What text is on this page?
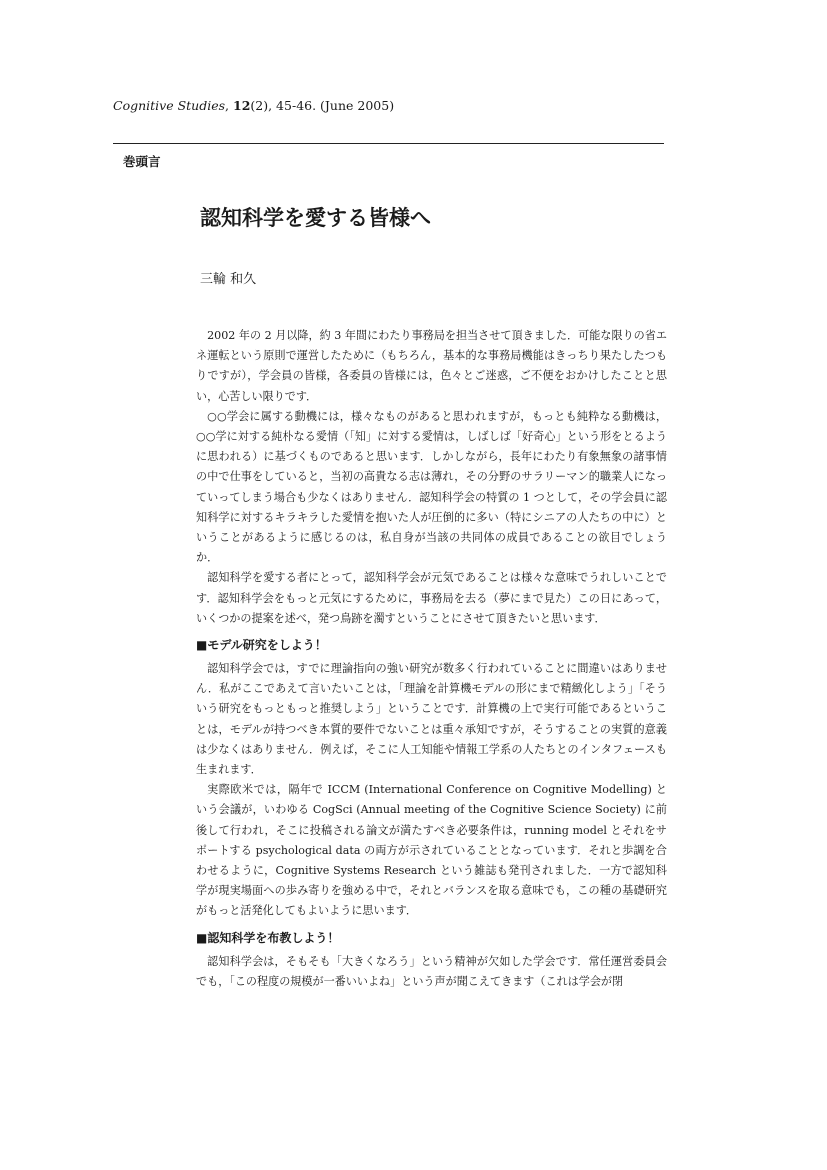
Cognitive Studies, 12(2), 45-46. (June 2005)
巻頭言
認知科学を愛する皆様へ
三輪 和久

2002 年の 2 月以降，約 3 年間にわたり事務局を担当させて頂きました．可能な限りの省エネ運転という原則で運営したために（もちろん，基本的な事務局機能はきっちり果たしたつもりですが），学会員の皆様，各委員の皆様には，色々とご迷惑，ご不便をおかけしたことと思い，心苦しい限りです．

○○学会に属する動機には，様々なものがあると思われますが，もっとも純粋なる動機は，○○学に対する純朴なる愛情（「知」に対する愛情は，しばしば「好奇心」という形をとるように思われる）に基づくものであると思います．しかしながら，長年にわたり有象無象の諸事情の中で仕事をしていると，当初の高貴なる志は薄れ，その分野のサラリーマン的職業人になっていってしまう場合も少なくはありません．認知科学会の特質の 1 つとして，その学会員に認知科学に対するキラキラした愛情を抱いた人が圧倒的に多い（特にシニアの人たちの中に）ということがあるように感じるのは，私自身が当該の共同体の成員であることの欲目でしょうか．

認知科学を愛する者にとって，認知科学会が元気であることは様々な意味でうれしいことです．認知科学会をもっと元気にするために，事務局を去る（夢にまで見た）この日にあって，いくつかの提案を述べ，発つ鳥跡を濁すということにさせて頂きたいと思います．

■モデル研究をしよう！

認知科学会では，すでに理論指向の強い研究が数多く行われていることに間違いはありません．私がここであえて言いたいことは，「理論を計算機モデルの形にまで精緻化しよう」「そういう研究をもっともっと推奨しよう」ということです．計算機の上で実行可能であるということは，モデルが持つべき本質的要件でないことは重々承知ですが，そうすることの実質的意義は少なくはありません．例えば，そこに人工知能や情報工学系の人たちとのインタフェースも生まれます．

実際欧米では，隔年で ICCM (International Conference on Cognitive Modelling) という会議が，いわゆる CogSci (Annual meeting of the Cognitive Science Society) に前後して行われ，そこに投稿される論文が満たすべき必要条件は，running model とそれをサポートする psychological data の両方が示されていることとなっています．それと歩調を合わせるように，Cognitive Systems Research という雑誌も発刊されました．一方で認知科学が現実場面への歩み寄りを強める中で，それとバランスを取る意味でも，この種の基礎研究がもっと活発化してもよいように思います．

■認知科学を布教しよう！

認知科学会は，そもそも「大きくなろう」という精神が欠如した学会です．常任運営委員会でも，「この程度の規模が一番いいよね」という声が聞こえてきます（これは学会が閉
